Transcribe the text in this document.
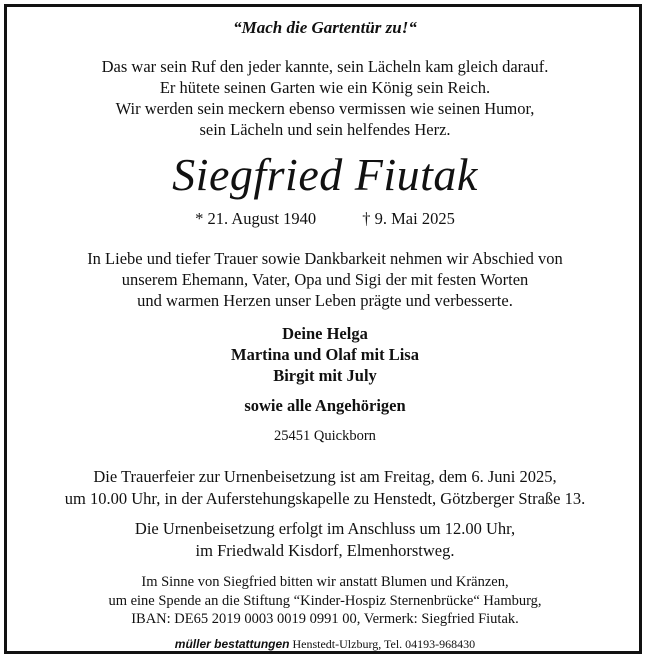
“Mach die Gartentür zu!“
Das war sein Ruf den jeder kannte, sein Lächeln kam gleich darauf.
Er hütete seinen Garten wie ein König sein Reich.
Wir werden sein meckern ebenso vermissen wie seinen Humor,
sein Lächeln und sein helfendes Herz.
Siegfried Fiutak
* 21. August 1940	† 9. Mai 2025
In Liebe und tiefer Trauer sowie Dankbarkeit nehmen wir Abschied von
unserem Ehemann, Vater, Opa und Sigi der mit festen Worten
und warmen Herzen unser Leben prägte und verbesserte.
Deine Helga
Martina und Olaf mit Lisa
Birgit mit July
sowie alle Angehörigen
25451 Quickborn
Die Trauerfeier zur Urnenbeisetzung ist am Freitag, dem 6. Juni 2025,
um 10.00 Uhr, in der Auferstehungskapelle zu Henstedt, Götzberger Straße 13.
Die Urnenbeisetzung erfolgt im Anschluss um 12.00 Uhr,
im Friedwald Kisdorf, Elmenhorstweg.
Im Sinne von Siegfried bitten wir anstatt Blumen und Kränzen,
um eine Spende an die Stiftung “Kinder-Hospiz Sternenbrücke“ Hamburg,
IBAN: DE65 2019 0003 0019 0991 00, Vermerk: Siegfried Fiutak.
müller bestattungen Henstedt-Ulzburg, Tel. 04193-968430
